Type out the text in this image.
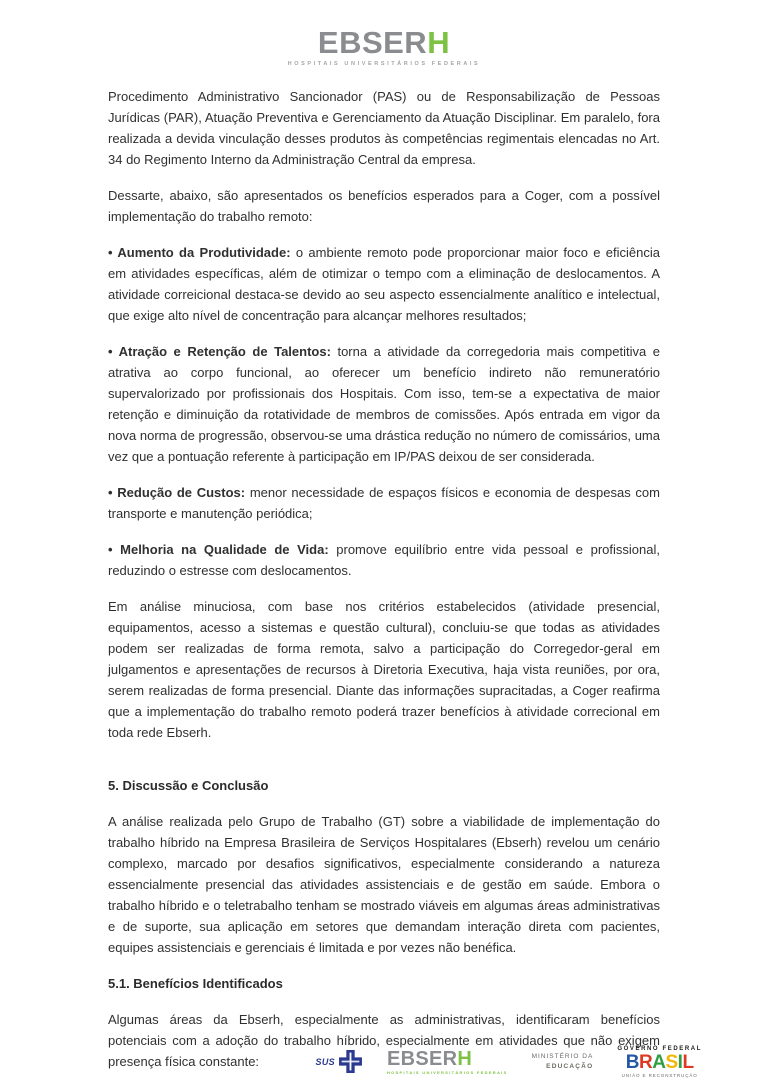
EBSERH
HOSPITAIS UNIVERSITÁRIOS FEDERAIS

Procedimento Administrativo Sancionador (PAS) ou de Responsabilização de Pessoas Jurídicas (PAR), Atuação Preventiva e Gerenciamento da Atuação Disciplinar. Em paralelo, fora realizada a devida vinculação desses produtos às competências regimentais elencadas no Art. 34 do Regimento Interno da Administração Central da empresa.

Dessarte, abaixo, são apresentados os benefícios esperados para a Coger, com a possível implementação do trabalho remoto:

• Aumento da Produtividade: o ambiente remoto pode proporcionar maior foco e eficiência em atividades específicas, além de otimizar o tempo com a eliminação de deslocamentos. A atividade correicional destaca-se devido ao seu aspecto essencialmente analítico e intelectual, que exige alto nível de concentração para alcançar melhores resultados;

• Atração e Retenção de Talentos: torna a atividade da corregedoria mais competitiva e atrativa ao corpo funcional, ao oferecer um benefício indireto não remuneratório supervalorizado por profissionais dos Hospitais. Com isso, tem-se a expectativa de maior retenção e diminuição da rotatividade de membros de comissões. Após entrada em vigor da nova norma de progressão, observou-se uma drástica redução no número de comissários, uma vez que a pontuação referente à participação em IP/PAS deixou de ser considerada.

• Redução de Custos: menor necessidade de espaços físicos e economia de despesas com transporte e manutenção periódica;

• Melhoria na Qualidade de Vida: promove equilíbrio entre vida pessoal e profissional, reduzindo o estresse com deslocamentos.

Em análise minuciosa, com base nos critérios estabelecidos (atividade presencial, equipamentos, acesso a sistemas e questão cultural), concluiu-se que todas as atividades podem ser realizadas de forma remota, salvo a participação do Corregedor-geral em julgamentos e apresentações de recursos à Diretoria Executiva, haja vista reuniões, por ora, serem realizadas de forma presencial. Diante das informações supracitadas, a Coger reafirma que a implementação do trabalho remoto poderá trazer benefícios à atividade correcional em toda rede Ebserh.

5. Discussão e Conclusão

A análise realizada pelo Grupo de Trabalho (GT) sobre a viabilidade de implementação do trabalho híbrido na Empresa Brasileira de Serviços Hospitalares (Ebserh) revelou um cenário complexo, marcado por desafios significativos, especialmente considerando a natureza essencialmente presencial das atividades assistenciais e de gestão em saúde. Embora o trabalho híbrido e o teletrabalho tenham se mostrado viáveis em algumas áreas administrativas e de suporte, sua aplicação em setores que demandam interação direta com pacientes, equipes assistenciais e gerenciais é limitada e por vezes não benéfica.

5.1. Benefícios Identificados

Algumas áreas da Ebserh, especialmente as administrativas, identificaram benefícios potenciais com a adoção do trabalho híbrido, especialmente em atividades que não exigem presença física constante:	SUS	EBSERH
HOSPITAIS UNIVERSITÁRIOS FEDERAIS
MINISTÉRIO DA
EDUCAÇÃO
GOVERNO FEDERAL
BRASIL
UNIÃO E RECONSTRUÇÃO
